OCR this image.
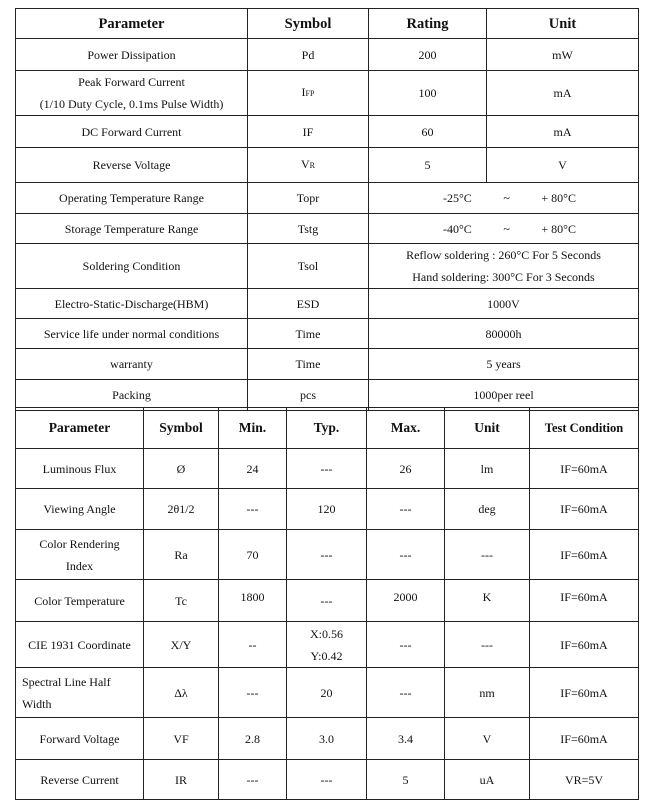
Parameter	Symbol	Rating	Unit
Power Dissipation	Pd	200	mW

Peak Forward Current
(1/10 Duty Cycle, 0.1ms Pulse Width)	IFP	100	mA
DC Forward Current	IF	60	mA
Reverse Voltage	VR	5	V
Operating Temperature Range	Topr	-25°C ~ + 80°C	

Storage Temperature Range	Tstg	-40°C ~ + 80°C	

Soldering Condition	Tsol	Reflow soldering : 260°C For 5 Seconds
Hand soldering: 300°C For 3 Seconds	

Electro-Static-Discharge(HBM)	ESD	1000V	
Service life under normal conditions	Time	80000h	
warranty	Time	5 years	
Packing	pcs	1000per reel	
Parameter	Symbol	Min.	Typ.	Max.	Unit	Test Condition
Luminous Flux	Ø	24	---	26	lm	IF=60mA
Viewing Angle	2θ1/2	---	120	---	deg	IF=60mA

Color Rendering
Index	Ra	70	---	---	---	IF=60mA
Color Temperature	Tc	1800	---	2000	K	IF=60mA
CIE 1931 Coordinate	X/Y	--	X:0.56
Y:0.42	---	---	IF=60mA

Spectral Line Half
Width	Δλ	---	20	---	nm	IF=60mA
Forward Voltage	VF	2.8	3.0	3.4	V	IF=60mA
Reverse Current	IR	---	---	5	uA	VR=5V
